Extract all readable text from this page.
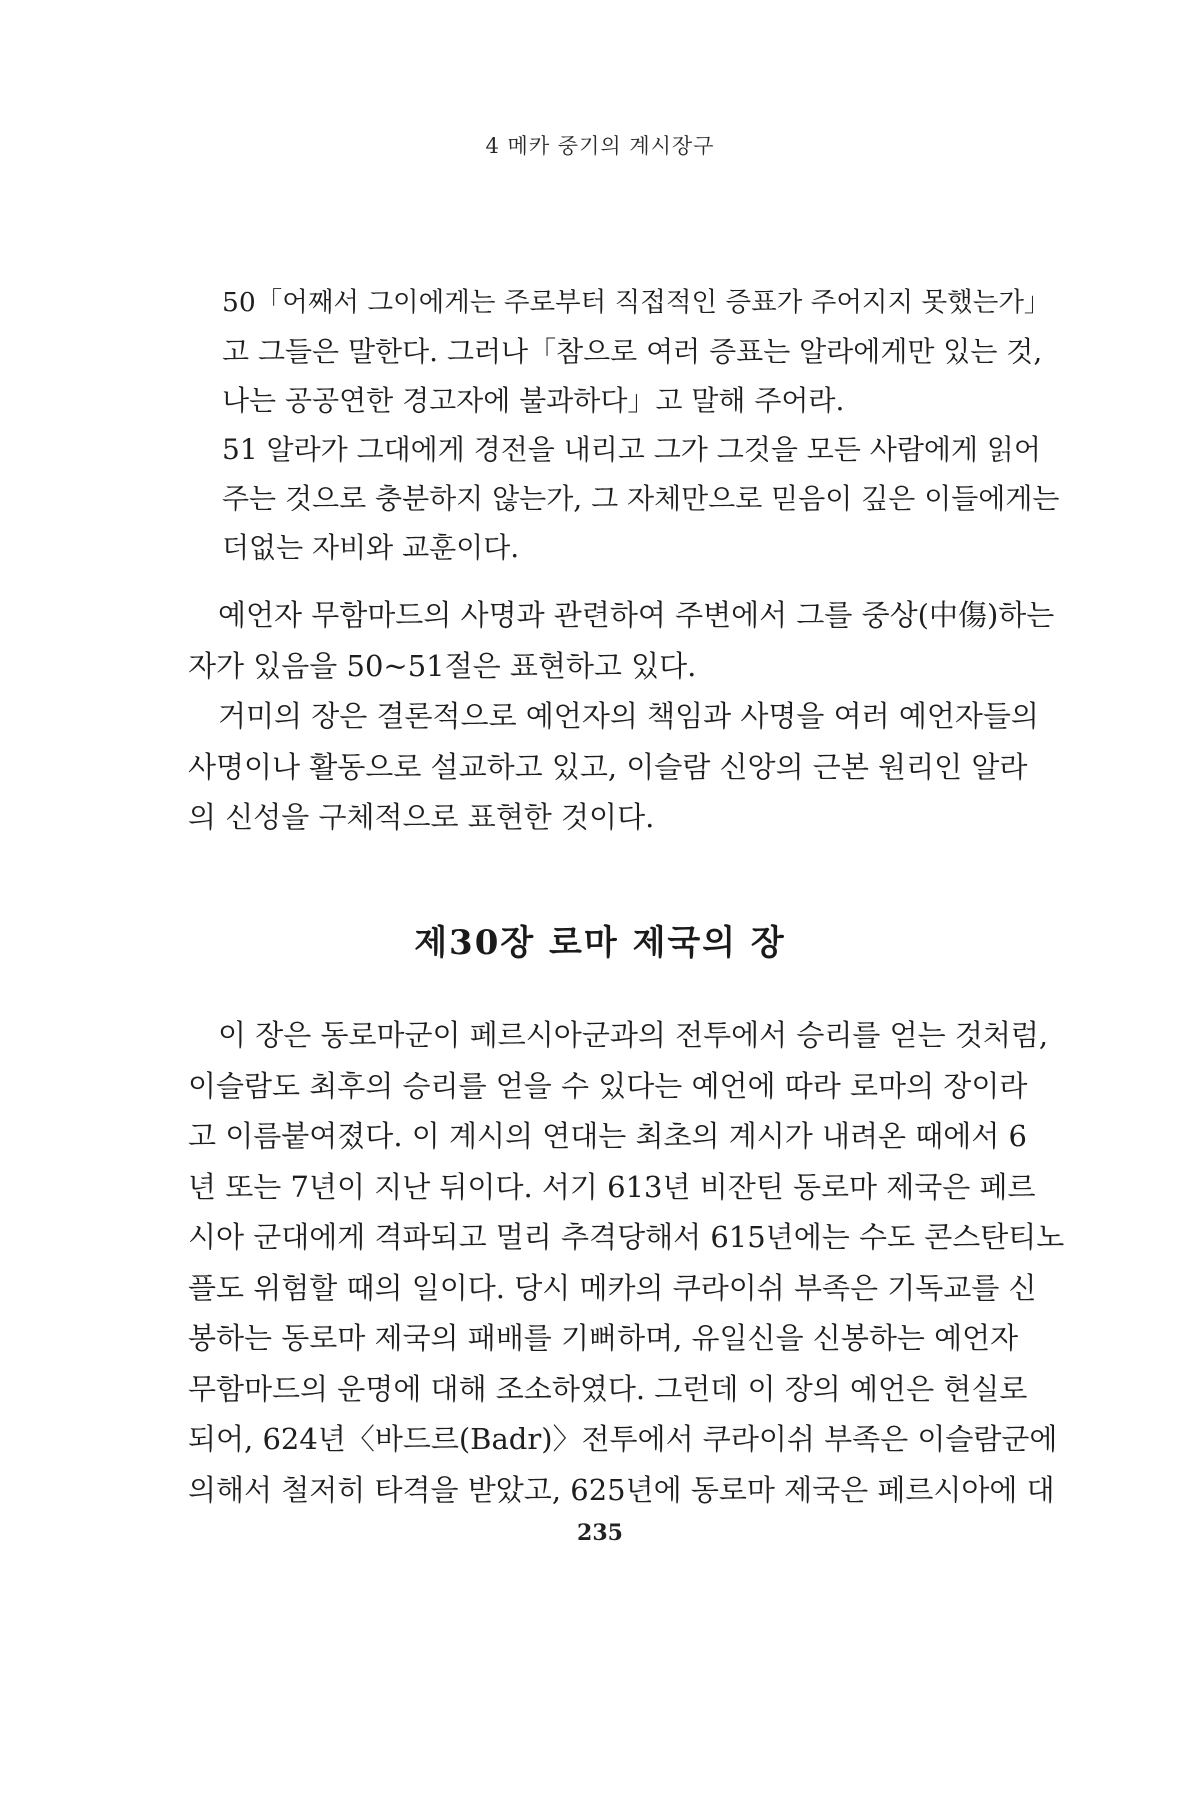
4 메카 중기의 계시장구
50「어째서 그이에게는 주로부터 직접적인 증표가 주어지지 못했는가」
고 그들은 말한다. 그러나「참으로 여러 증표는 알라에게만 있는 것,
나는 공공연한 경고자에 불과하다」고 말해 주어라.
51 알라가 그대에게 경전을 내리고 그가 그것을 모든 사람에게 읽어
주는 것으로 충분하지 않는가, 그 자체만으로 믿음이 깊은 이들에게는
더없는 자비와 교훈이다.
예언자 무함마드의 사명과 관련하여 주변에서 그를 중상(中傷)하는
자가 있음을 50~51절은 표현하고 있다.
거미의 장은 결론적으로 예언자의 책임과 사명을 여러 예언자들의
사명이나 활동으로 설교하고 있고, 이슬람 신앙의 근본 원리인 알라
의 신성을 구체적으로 표현한 것이다.
제30장 로마 제국의 장
이 장은 동로마군이 페르시아군과의 전투에서 승리를 얻는 것처럼,
이슬람도 최후의 승리를 얻을 수 있다는 예언에 따라 로마의 장이라
고 이름붙여졌다. 이 계시의 연대는 최초의 계시가 내려온 때에서 6
년 또는 7년이 지난 뒤이다. 서기 613년 비잔틴 동로마 제국은 페르
시아 군대에게 격파되고 멀리 추격당해서 615년에는 수도 콘스탄티노
플도 위험할 때의 일이다. 당시 메카의 쿠라이쉬 부족은 기독교를 신
봉하는 동로마 제국의 패배를 기뻐하며, 유일신을 신봉하는 예언자
무함마드의 운명에 대해 조소하였다. 그런데 이 장의 예언은 현실로
되어, 624년〈바드르(Badr)〉전투에서 쿠라이쉬 부족은 이슬람군에
의해서 철저히 타격을 받았고, 625년에 동로마 제국은 페르시아에 대
235
